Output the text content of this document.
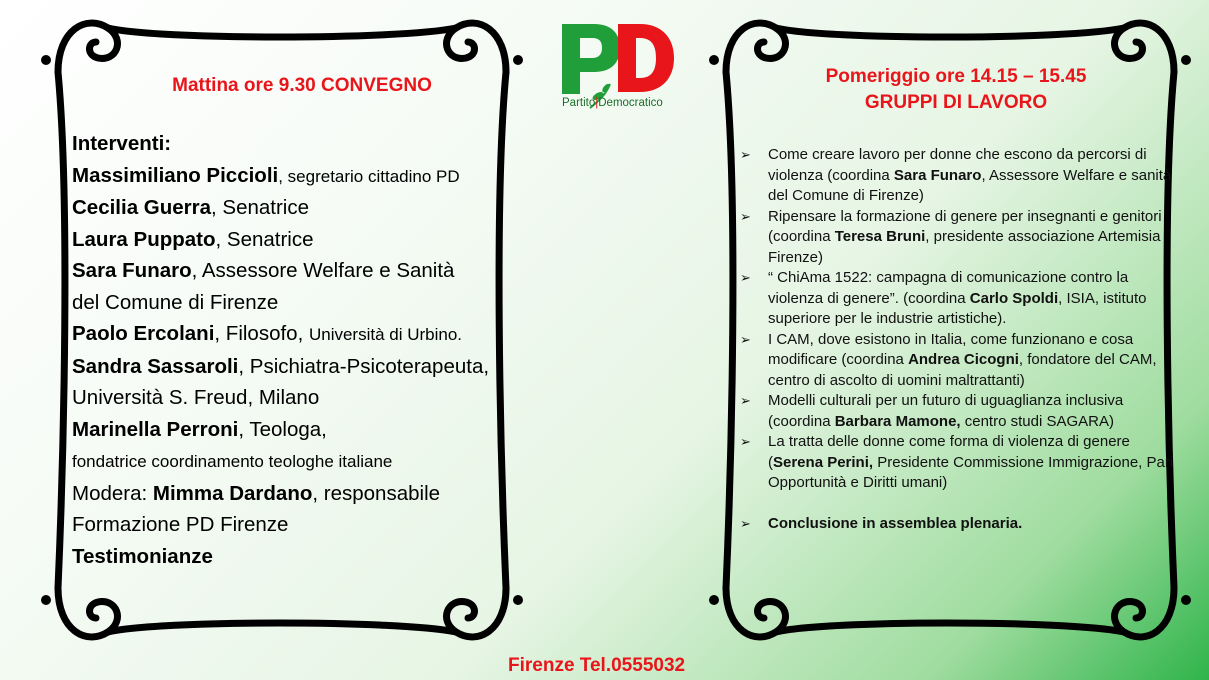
Mattina ore 9.30 CONVEGNO

Interventi:

Massimiliano Piccioli, segretario cittadino PD

Cecilia Guerra, Senatrice

Laura Puppato, Senatrice

Sara Funaro, Assessore Welfare e Sanità

del Comune di Firenze

Paolo Ercolani, Filosofo, Università di Urbino.

Sandra Sassaroli, Psichiatra-Psicoterapeuta,

Università S. Freud, Milano

Marinella Perroni, Teologa,

fondatrice coordinamento teologhe italiane

Modera: Mimma Dardano, responsabile

Formazione PD Firenze

Testimonianze

Partito|Democratico
Pomeriggio ore 14.15 – 15.45
GRUPPI DI LAVORO
➢ Come creare lavoro per donne che escono da percorsi di violenza (coordina Sara Funaro, Assessore Welfare e sanità del Comune di Firenze)
➢ Ripensare la formazione di genere per insegnanti e genitori (coordina Teresa Bruni, presidente associazione Artemisia Firenze)
➢ “ ChiAma 1522: campagna di comunicazione contro la violenza di genere”. (coordina Carlo Spoldi, ISIA, istituto superiore per le industrie artistiche).
➢ I CAM, dove esistono in Italia, come funzionano e cosa modificare (coordina Andrea Cicogni, fondatore del CAM, centro di ascolto di uomini maltrattanti)
➢ Modelli culturali per un futuro di uguaglianza inclusiva (coordina Barbara Mamone, centro studi SAGARA)
➢ La tratta delle donne come forma di violenza di genere (Serena Perini, Presidente Commissione Immigrazione, Pari Opportunità e Diritti umani)
➢ Conclusione in assemblea plenaria.
Firenze Tel.0555032
